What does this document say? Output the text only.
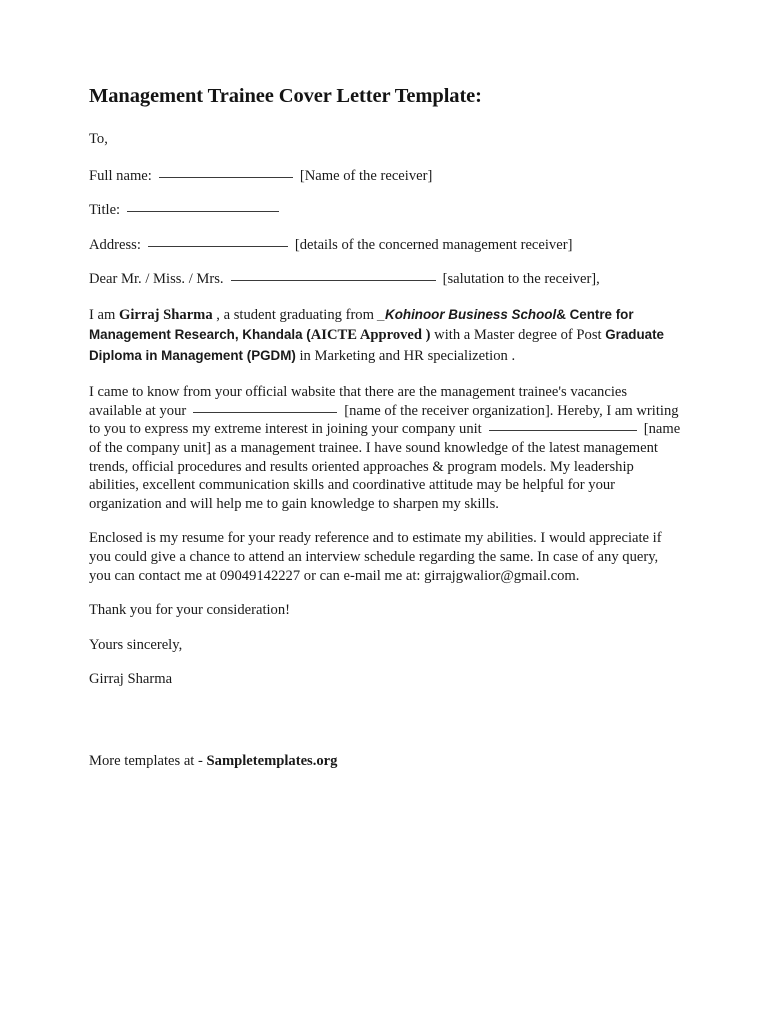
Management Trainee Cover Letter Template:
To,
Full name:	[Name of the receiver]
Title:
Address:	[details of the concerned management receiver]
Dear Mr. / Miss. / Mrs.	[salutation to the receiver],

I am Girraj Sharma , a student graduating from _Kohinoor Business School& Centre for Management Research, Khandala (AICTE Approved ) with a Master degree of Post Graduate Diploma in Management (PGDM) in Marketing and HR specializetion .

I came to know from your official wabsite that there are the management trainee's vacancies available at your	[name of the receiver organization]. Hereby, I am writing to you to express my extreme interest in joining your company unit	[name of the company unit] as a management trainee. I have sound knowledge of the latest management trends, official procedures and results oriented approaches & program models. My leadership abilities, excellent communication skills and coordinative attitude may be helpful for your organization and will help me to gain knowledge to sharpen my skills.

Enclosed is my resume for your ready reference and to estimate my abilities. I would appreciate if you could give a chance to attend an interview schedule regarding the same. In case of any query, you can contact me at 09049142227 or can e-mail me at: girrajgwalior@gmail.com.

Thank you for your consideration!
Yours sincerely,
Girraj Sharma
More templates at - Sampletemplates.org
